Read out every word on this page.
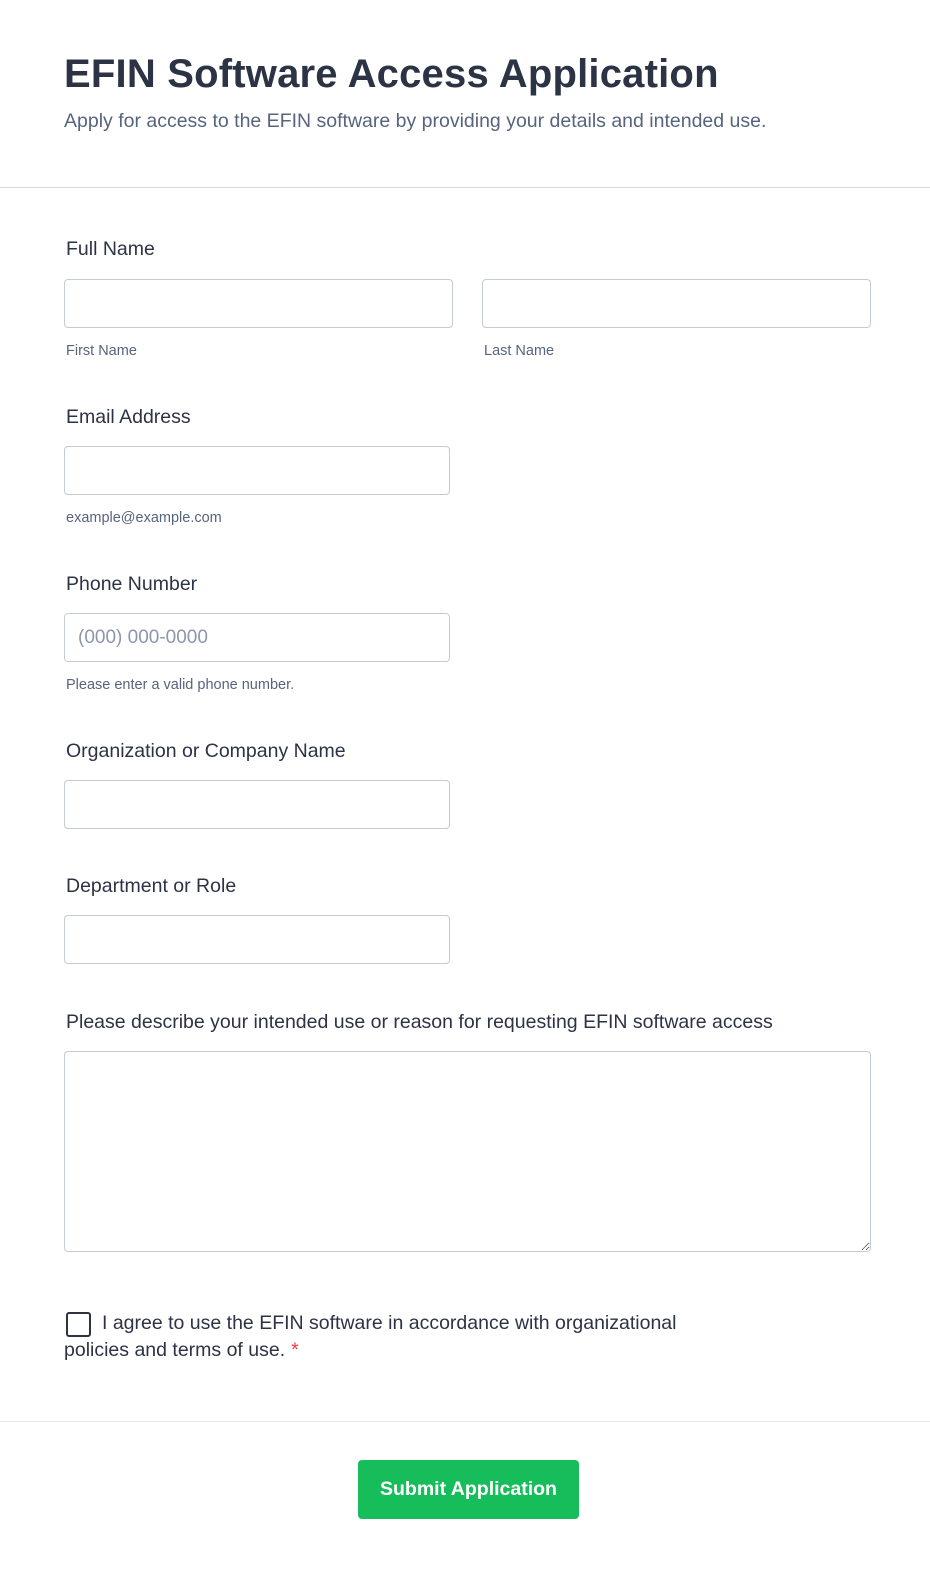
EFIN Software Access Application

Apply for access to the EFIN software by providing your details and intended use.

Full Name
First Name	Last Name
Email Address
example@example.com
Phone Number
(000) 000-0000
Please enter a valid phone number.
Organization or Company Name
Department or Role
Please describe your intended use or reason for requesting EFIN software access
I agree to use the EFIN software in accordance with organizational policies and terms of use. *
Submit Application
